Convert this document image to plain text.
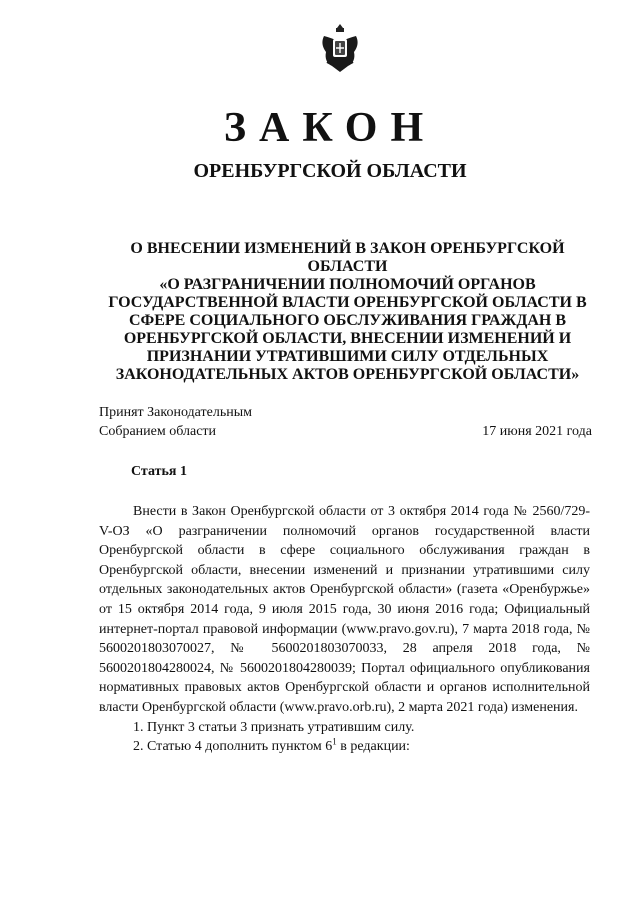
ЗАКОН
ОРЕНБУРГСКОЙ ОБЛАСТИ
О ВНЕСЕНИИ ИЗМЕНЕНИЙ В ЗАКОН ОРЕНБУРГСКОЙ ОБЛАСТИ
«О РАЗГРАНИЧЕНИИ ПОЛНОМОЧИЙ ОРГАНОВ
ГОСУДАРСТВЕННОЙ ВЛАСТИ ОРЕНБУРГСКОЙ ОБЛАСТИ В
СФЕРЕ СОЦИАЛЬНОГО ОБСЛУЖИВАНИЯ ГРАЖДАН В
ОРЕНБУРГСКОЙ ОБЛАСТИ, ВНЕСЕНИИ ИЗМЕНЕНИЙ И
ПРИЗНАНИИ УТРАТИВШИМИ СИЛУ ОТДЕЛЬНЫХ
ЗАКОНОДАТЕЛЬНЫХ АКТОВ ОРЕНБУРГСКОЙ ОБЛАСТИ»
Принят Законодательным
Собранием области	17 июня 2021 года
Статья 1

Внести в Закон Оренбургской области от 3 октября 2014 года № 2560/729-V-ОЗ «О разграничении полномочий органов государственной власти Оренбургской области в сфере социального обслуживания граждан в Оренбургской области, внесении изменений и признании утратившими силу отдельных законодательных актов Оренбургской области» (газета «Оренбуржье» от 15 октября 2014 года, 9 июля 2015 года, 30 июня 2016 года; Официальный интернет-портал правовой информации (www.pravo.gov.ru), 7 марта 2018 года, № 5600201803070027, № 5600201803070033, 28 апреля 2018 года, № 5600201804280024, № 5600201804280039; Портал официального опубликования нормативных правовых актов Оренбургской области и органов исполнительной власти Оренбургской области (www.pravo.orb.ru), 2 марта 2021 года) изменения.

1. Пункт 3 статьи 3 признать утратившим силу.

2. Статью 4 дополнить пунктом $6^1$ в редакции:
